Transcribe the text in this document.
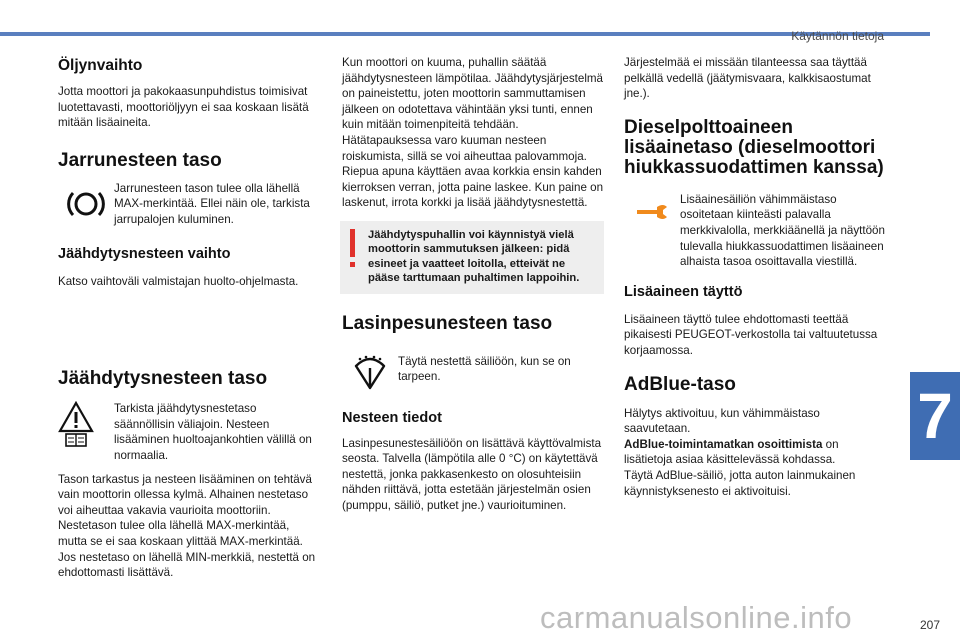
Käytännön tietoja
7
207
carmanualsonline.info
Öljynvaihto

Jotta moottori ja pakokaasunpuhdistus toimisivat luotettavasti, moottoriöljyyn ei saa koskaan lisätä mitään lisäaineita.

Jarrunesteen taso

Jarrunesteen tason tulee olla lähellä MAX-merkintää. Ellei näin ole, tarkista jarrupalojen kuluminen.

Jäähdytysnesteen vaihto

Katso vaihtoväli valmistajan huolto-ohjelmasta.

Jäähdytysnesteen taso

Tarkista jäähdytysnestetaso säännöllisin väliajoin. Nesteen lisääminen huoltoajankohtien välillä on normaalia.

Tason tarkastus ja nesteen lisääminen on tehtävä vain moottorin ollessa kylmä. Alhainen nestetaso voi aiheuttaa vakavia vaurioita moottoriin. Nestetason tulee olla lähellä MAX-merkintää, mutta se ei saa koskaan ylittää MAX-merkintää. Jos nestetaso on lähellä MIN-merkkiä, nestettä on ehdottomasti lisättävä.

Kun moottori on kuuma, puhallin säätää jäähdytysnesteen lämpötilaa. Jäähdytysjärjestelmä on paineistettu, joten moottorin sammuttamisen jälkeen on odotettava vähintään yksi tunti, ennen kuin mitään toimenpiteitä tehdään. Hätätapauksessa varo kuuman nesteen roiskumista, sillä se voi aiheuttaa palovammoja. Riepua apuna käyttäen avaa korkkia ensin kahden kierroksen verran, jotta paine laskee. Kun paine on laskenut, irrota korkki ja lisää jäähdytysnestettä.

Jäähdytyspuhallin voi käynnistyä vielä moottorin sammutuksen jälkeen: pidä esineet ja vaatteet loitolla, etteivät ne pääse tarttumaan puhaltimen lappoihin.
Lasinpesunesteen taso

Täytä nestettä säiliöön, kun se on tarpeen.

Nesteen tiedot

Lasinpesunestesäiliöön on lisättävä käyttövalmista seosta. Talvella (lämpötila alle 0 °C) on käytettävä nestettä, jonka pakkasenkesto on olosuhteisiin nähden riittävä, jotta estetään järjestelmän osien (pumppu, säiliö, putket jne.) vaurioituminen.

Järjestelmää ei missään tilanteessa saa täyttää pelkällä vedellä (jäätymisvaara, kalkkisaostumat jne.).

Dieselpolttoaineen lisäainetaso (dieselmoottori hiukkassuodattimen kanssa)

Lisäainesäiliön vähimmäistaso osoitetaan kiinteästi palavalla merkkivalolla, merkkiäänellä ja näyttöön tulevalla hiukkassuodattimen lisäaineen alhaista tasoa osoittavalla viestillä.

Lisäaineen täyttö

Lisäaineen täyttö tulee ehdottomasti teettää pikaisesti PEUGEOT-verkostolla tai valtuutetussa korjaamossa.

AdBlue-taso

Hälytys aktivoituu, kun vähimmäistaso saavutetaan.
AdBlue-toimintamatkan osoittimista on lisätietoja asiaa käsittelevässä kohdassa.
Täytä AdBlue-säiliö, jotta auton lainmukainen käynnistyksenesto ei aktivoituisi.
